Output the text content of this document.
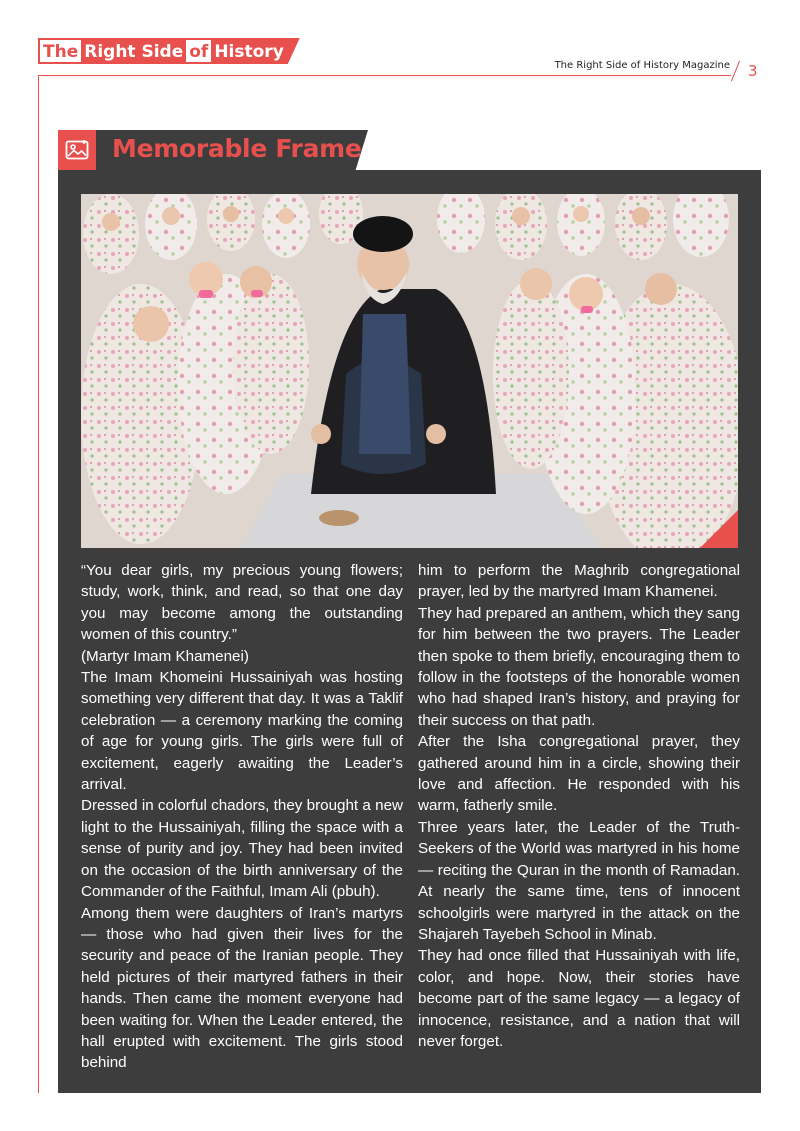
The Right Side of History
The Right Side of History Magazine 3
Memorable Frame

“You dear girls, my precious young flowers; study, work, think, and read, so that one day you may become among the outstanding women of this country.”

(Martyr Imam Khamenei)

The Imam Khomeini Hussainiyah was hosting something very different that day. It was a Taklif celebration — a ceremony marking the coming of age for young girls. The girls were full of excitement, eagerly awaiting the Leader’s arrival.

Dressed in colorful chadors, they brought a new light to the Hussainiyah, filling the space with a sense of purity and joy. They had been invited on the occasion of the birth anniversary of the Commander of the Faithful, Imam Ali (pbuh).

Among them were daughters of Iran’s martyrs — those who had given their lives for the security and peace of the Iranian people. They held pictures of their martyred fathers in their hands. Then came the moment everyone had been waiting for. When the Leader entered, the hall erupted with excitement. The girls stood behind

him to perform the Maghrib congregational prayer, led by the martyred Imam Khamenei.

They had prepared an anthem, which they sang for him between the two prayers. The Leader then spoke to them briefly, encouraging them to follow in the footsteps of the honorable women who had shaped Iran’s history, and praying for their success on that path.

After the Isha congregational prayer, they gathered around him in a circle, showing their love and affection. He responded with his warm, fatherly smile.

Three years later, the Leader of the Truth-Seekers of the World was martyred in his home — reciting the Quran in the month of Ramadan. At nearly the same time, tens of innocent schoolgirls were martyred in the attack on the Shajareh Tayebeh School in Minab.

They had once filled that Hussainiyah with life, color, and hope. Now, their stories have become part of the same legacy — a legacy of innocence, resistance, and a nation that will never forget.
